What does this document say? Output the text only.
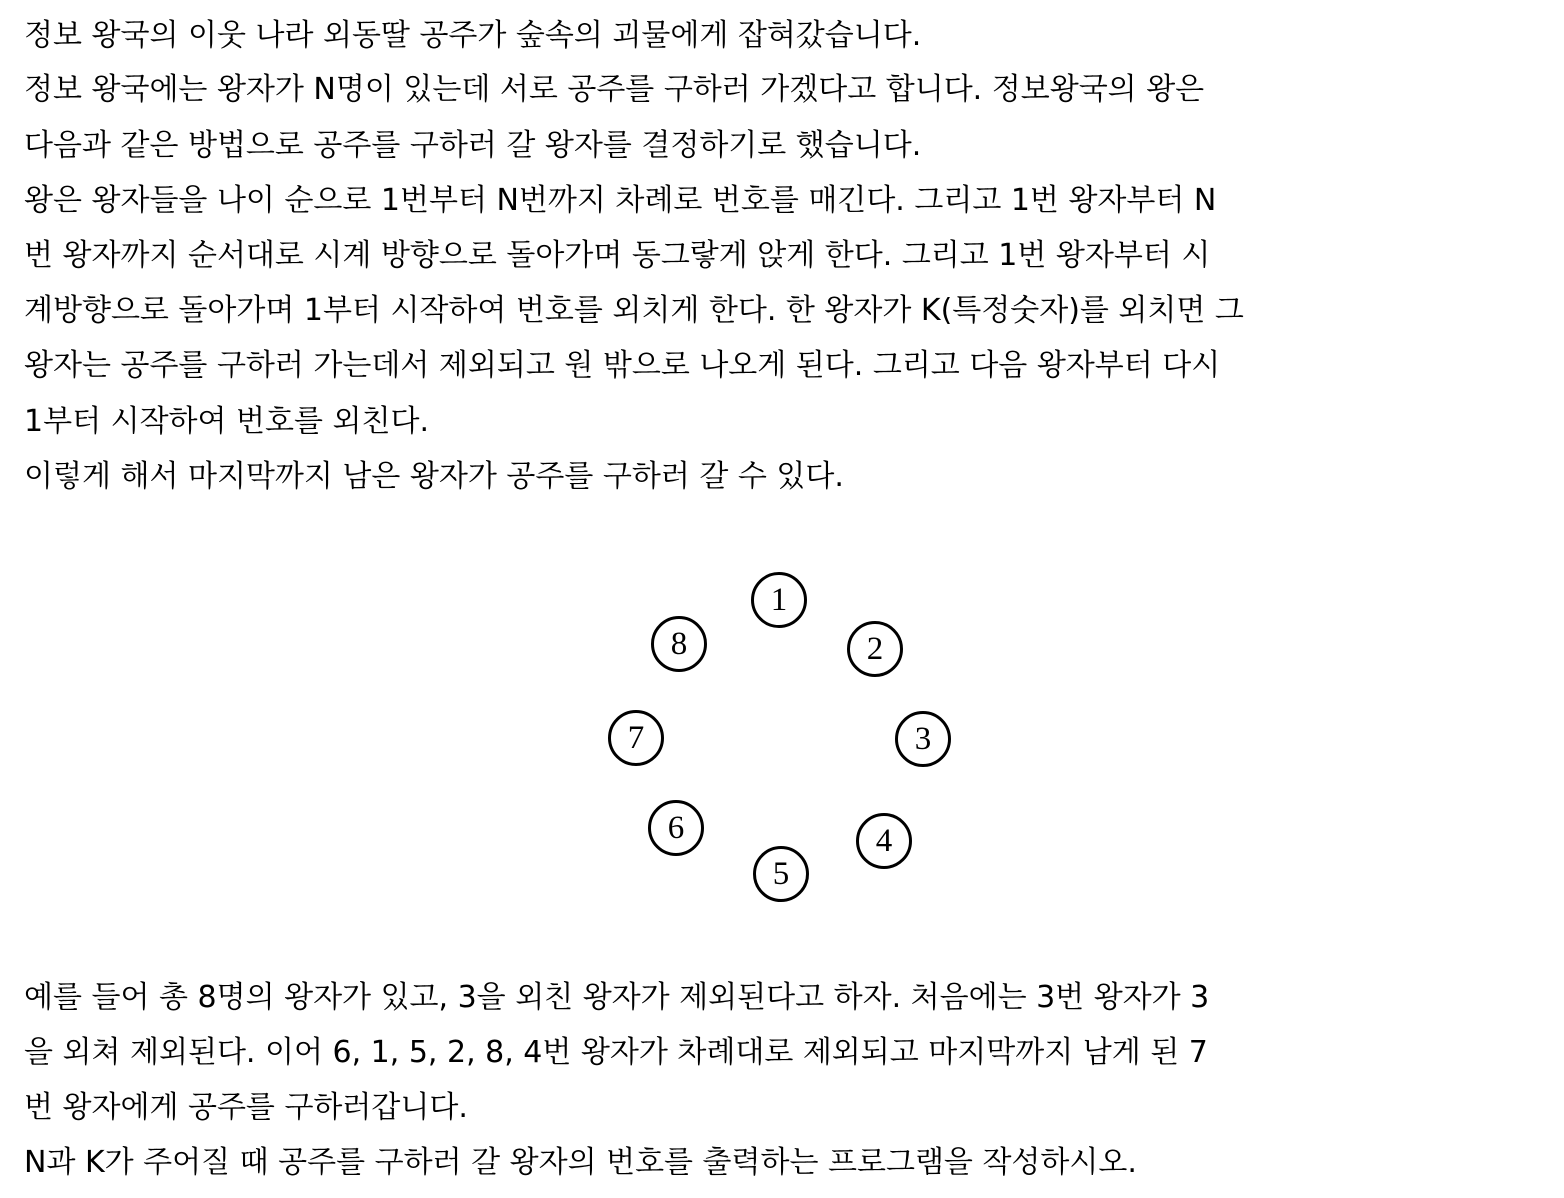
정보 왕국의 이웃 나라 외동딸 공주가 숲속의 괴물에게 잡혀갔습니다.

정보 왕국에는 왕자가 N명이 있는데 서로 공주를 구하러 가겠다고 합니다. 정보왕국의 왕은

다음과 같은 방법으로 공주를 구하러 갈 왕자를 결정하기로 했습니다.

왕은 왕자들을 나이 순으로 1번부터 N번까지 차례로 번호를 매긴다. 그리고 1번 왕자부터 N

번 왕자까지 순서대로 시계 방향으로 돌아가며 동그랗게 앉게 한다. 그리고 1번 왕자부터 시

계방향으로 돌아가며 1부터 시작하여 번호를 외치게 한다. 한 왕자가 K(특정숫자)를 외치면 그

왕자는 공주를 구하러 가는데서 제외되고 원 밖으로 나오게 된다. 그리고 다음 왕자부터 다시

1부터 시작하여 번호를 외친다.

이렇게 해서 마지막까지 남은 왕자가 공주를 구하러 갈 수 있다.

1
2
3
4
5
6
7
8

예를 들어 총 8명의 왕자가 있고, 3을 외친 왕자가 제외된다고 하자. 처음에는 3번 왕자가 3

을 외쳐 제외된다. 이어 6, 1, 5, 2, 8, 4번 왕자가 차례대로 제외되고 마지막까지 남게 된 7

번 왕자에게 공주를 구하러갑니다.

N과 K가 주어질 때 공주를 구하러 갈 왕자의 번호를 출력하는 프로그램을 작성하시오.
